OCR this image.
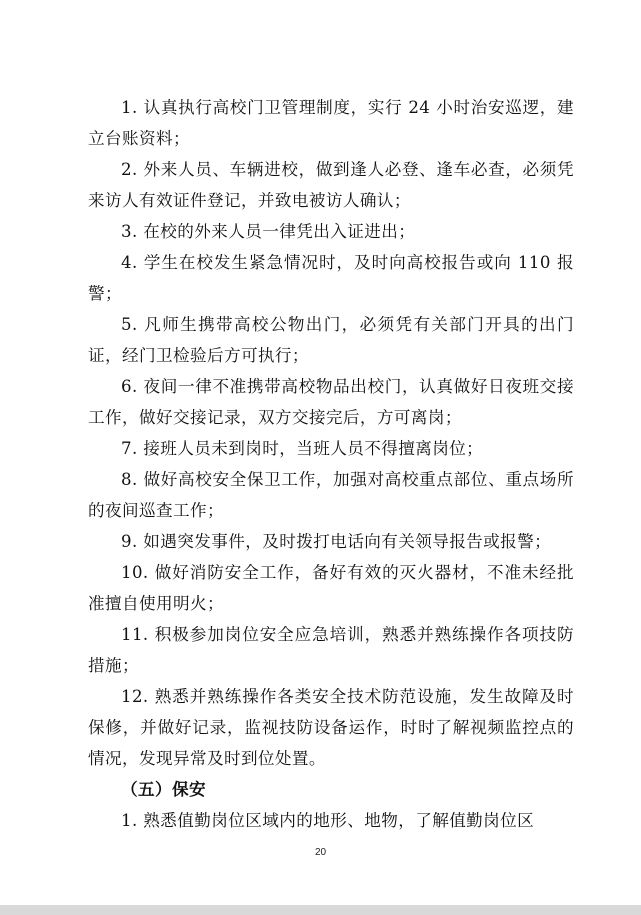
1. 认真执行高校门卫管理制度，实行 24 小时治安巡逻，建立台账资料；

2. 外来人员、车辆进校，做到逢人必登、逢车必查，必须凭来访人有效证件登记，并致电被访人确认；

3. 在校的外来人员一律凭出入证进出；

4. 学生在校发生紧急情况时，及时向高校报告或向 110 报警；

5. 凡师生携带高校公物出门，必须凭有关部门开具的出门证，经门卫检验后方可执行；

6. 夜间一律不准携带高校物品出校门，认真做好日夜班交接工作，做好交接记录，双方交接完后，方可离岗；

7. 接班人员未到岗时，当班人员不得擅离岗位；

8. 做好高校安全保卫工作，加强对高校重点部位、重点场所的夜间巡查工作；

9. 如遇突发事件，及时拨打电话向有关领导报告或报警；

10. 做好消防安全工作，备好有效的灭火器材，不准未经批准擅自使用明火；

11. 积极参加岗位安全应急培训，熟悉并熟练操作各项技防措施；

12. 熟悉并熟练操作各类安全技术防范设施，发生故障及时保修，并做好记录，监视技防设备运作，时时了解视频监控点的情况，发现异常及时到位处置。

（五）保安

1. 熟悉值勤岗位区域内的地形、地物，了解值勤岗位区

20
